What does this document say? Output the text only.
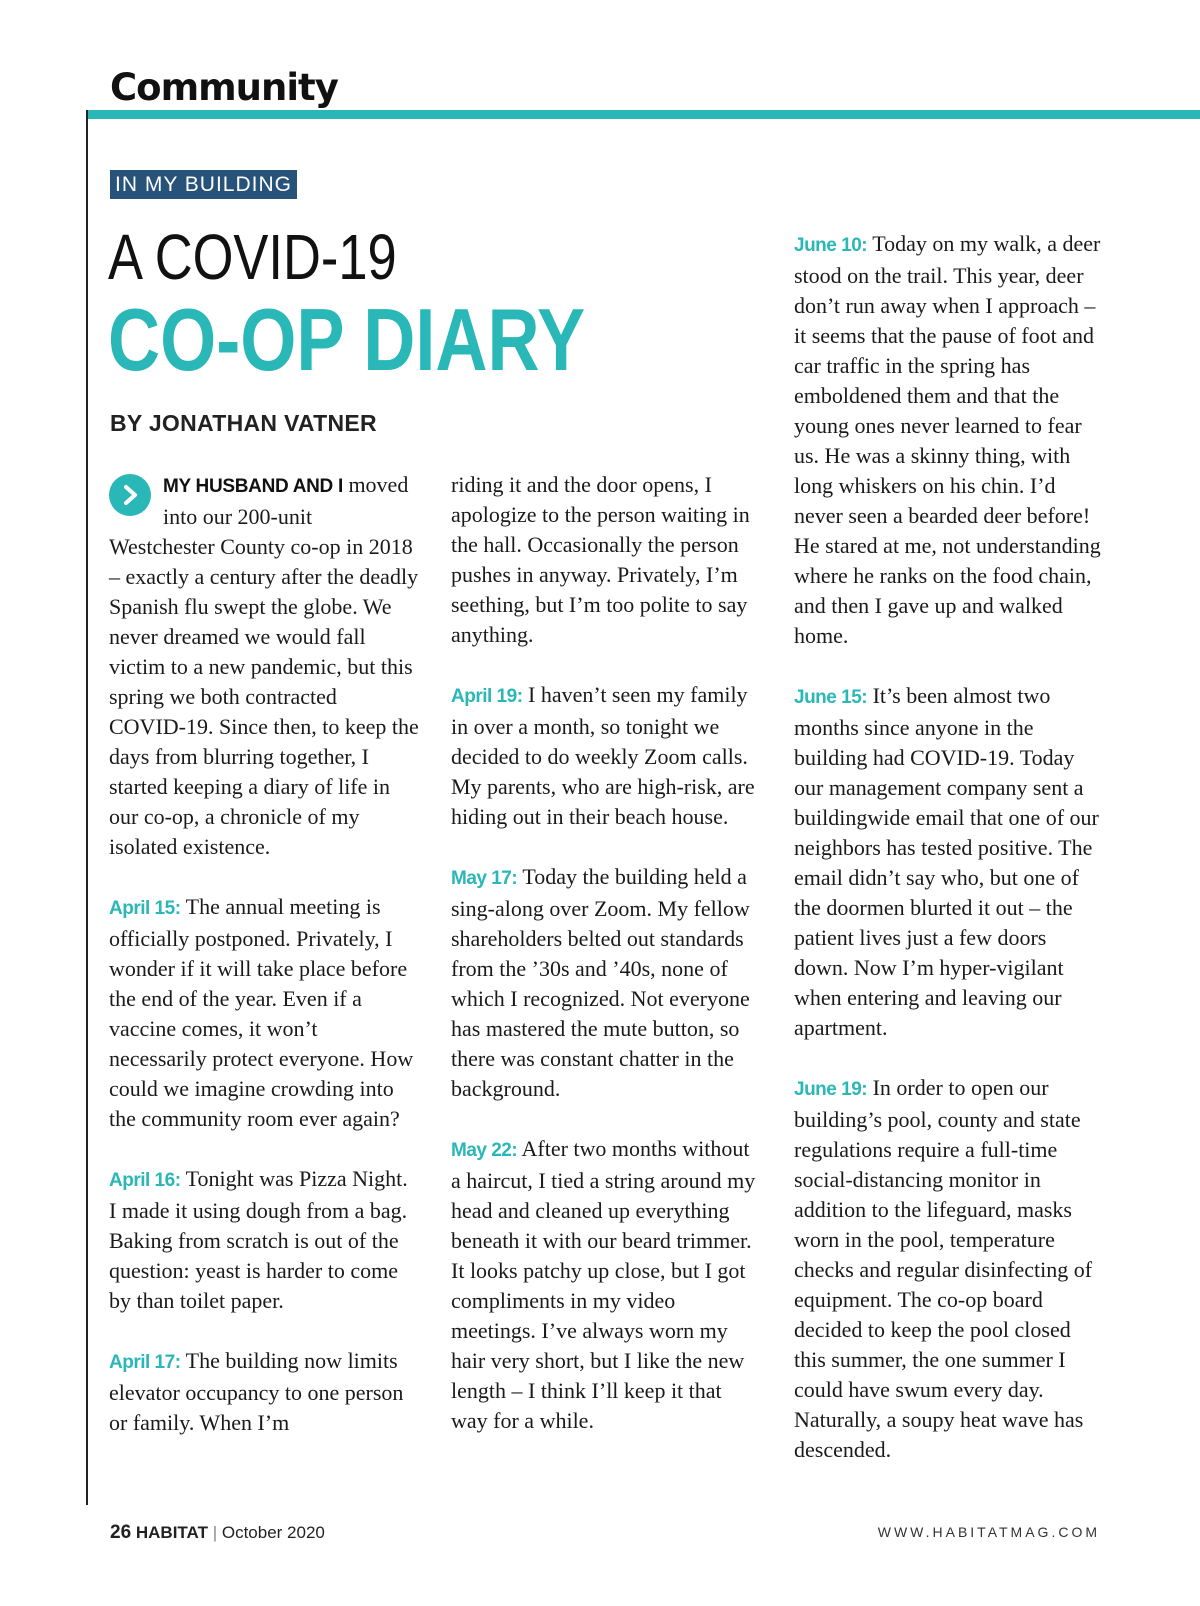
Community
IN MY BUILDING
A COVID-19
CO-OP DIARY
BY JONATHAN VATNER

MY HUSBAND AND I moved into our 200-unit Westchester County co-op in 2018 – exactly a century after the deadly Spanish flu swept the globe. We never dreamed we would fall victim to a new pandemic, but this spring we both contracted COVID-19. Since then, to keep the days from blurring together, I started keeping a diary of life in our co-op, a chronicle of my isolated existence.

April 15: The annual meeting is officially postponed. Privately, I wonder if it will take place before the end of the year. Even if a vaccine comes, it won’t necessarily protect everyone. How could we imagine crowding into the community room ever again?

April 16: Tonight was Pizza Night. I made it using dough from a bag. Baking from scratch is out of the question: yeast is harder to come by than toilet paper.

April 17: The building now limits elevator occupancy to one person or family. When I’m

riding it and the door opens, I apologize to the person waiting in the hall. Occasionally the person pushes in anyway. Privately, I’m seething, but I’m too polite to say anything.

April 19: I haven’t seen my family in over a month, so tonight we decided to do weekly Zoom calls. My parents, who are high-risk, are hiding out in their beach house.

May 17: Today the building held a sing-along over Zoom. My fellow shareholders belted out standards from the ’30s and ’40s, none of which I recognized. Not everyone has mastered the mute button, so there was constant chatter in the background.

May 22: After two months without a haircut, I tied a string around my head and cleaned up everything beneath it with our beard trimmer. It looks patchy up close, but I got compliments in my video meetings. I’ve always worn my hair very short, but I like the new length – I think I’ll keep it that way for a while.

June 10: Today on my walk, a deer stood on the trail. This year, deer don’t run away when I approach – it seems that the pause of foot and car traffic in the spring has emboldened them and that the young ones never learned to fear us. He was a skinny thing, with long whiskers on his chin. I’d never seen a bearded deer before! He stared at me, not understanding where he ranks on the food chain, and then I gave up and walked home.

June 15: It’s been almost two months since anyone in the building had COVID-19. Today our management company sent a buildingwide email that one of our neighbors has tested positive. The email didn’t say who, but one of the doormen blurted it out – the patient lives just a few doors down. Now I’m hyper-vigilant when entering and leaving our apartment.

June 19: In order to open our building’s pool, county and state regulations require a full-time social-distancing monitor in addition to the lifeguard, masks worn in the pool, temperature checks and regular disinfecting of equipment. The co-op board decided to keep the pool closed this summer, the one summer I could have swum every day. Naturally, a soupy heat wave has descended.

26 HABITAT | October 2020	WWW.HABITATMAG.COM
